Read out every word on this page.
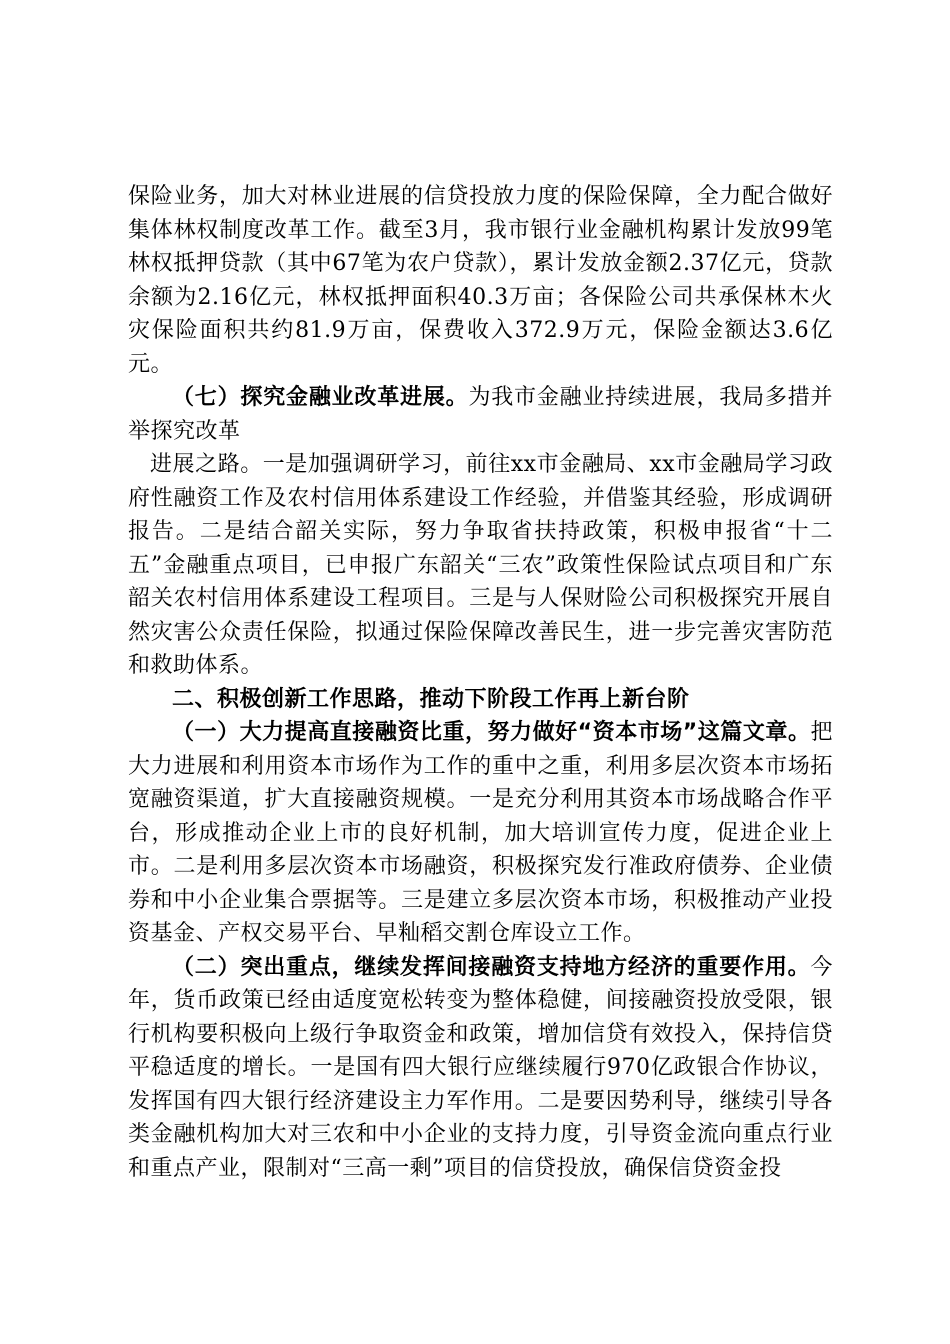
保险业务，加大对林业进展的信贷投放力度的保险保障，全力配合做好集体林权制度改革工作。截至3月，我市银行业金融机构累计发放99笔林权抵押贷款（其中67笔为农户贷款），累计发放金额2.37亿元，贷款余额为2.16亿元，林权抵押面积40.3万亩；各保险公司共承保林木火灾保险面积共约81.9万亩，保费收入372.9万元，保险金额达3.6亿元。

（七）探究金融业改革进展。为我市金融业持续进展，我局多措并举探究改革

进展之路。一是加强调研学习，前往xx市金融局、xx市金融局学习政府性融资工作及农村信用体系建设工作经验，并借鉴其经验，形成调研报告。二是结合韶关实际，努力争取省扶持政策，积极申报省“十二五”金融重点项目，已申报广东韶关“三农”政策性保险试点项目和广东韶关农村信用体系建设工程项目。三是与人保财险公司积极探究开展自然灾害公众责任保险，拟通过保险保障改善民生，进一步完善灾害防范和救助体系。

二、积极创新工作思路，推动下阶段工作再上新台阶

（一）大力提高直接融资比重，努力做好“资本市场”这篇文章。把大力进展和利用资本市场作为工作的重中之重，利用多层次资本市场拓宽融资渠道，扩大直接融资规模。一是充分利用其资本市场战略合作平台，形成推动企业上市的良好机制，加大培训宣传力度，促进企业上市。二是利用多层次资本市场融资，积极探究发行准政府债券、企业债券和中小企业集合票据等。三是建立多层次资本市场，积极推动产业投资基金、产权交易平台、早籼稻交割仓库设立工作。

（二）突出重点，继续发挥间接融资支持地方经济的重要作用。今年，货币政策已经由适度宽松转变为整体稳健，间接融资投放受限，银行机构要积极向上级行争取资金和政策，增加信贷有效投入，保持信贷平稳适度的增长。一是国有四大银行应继续履行970亿政银合作协议，发挥国有四大银行经济建设主力军作用。二是要因势利导，继续引导各类金融机构加大对三农和中小企业的支持力度，引导资金流向重点行业和重点产业，限制对“三高一剩”项目的信贷投放，确保信贷资金投
